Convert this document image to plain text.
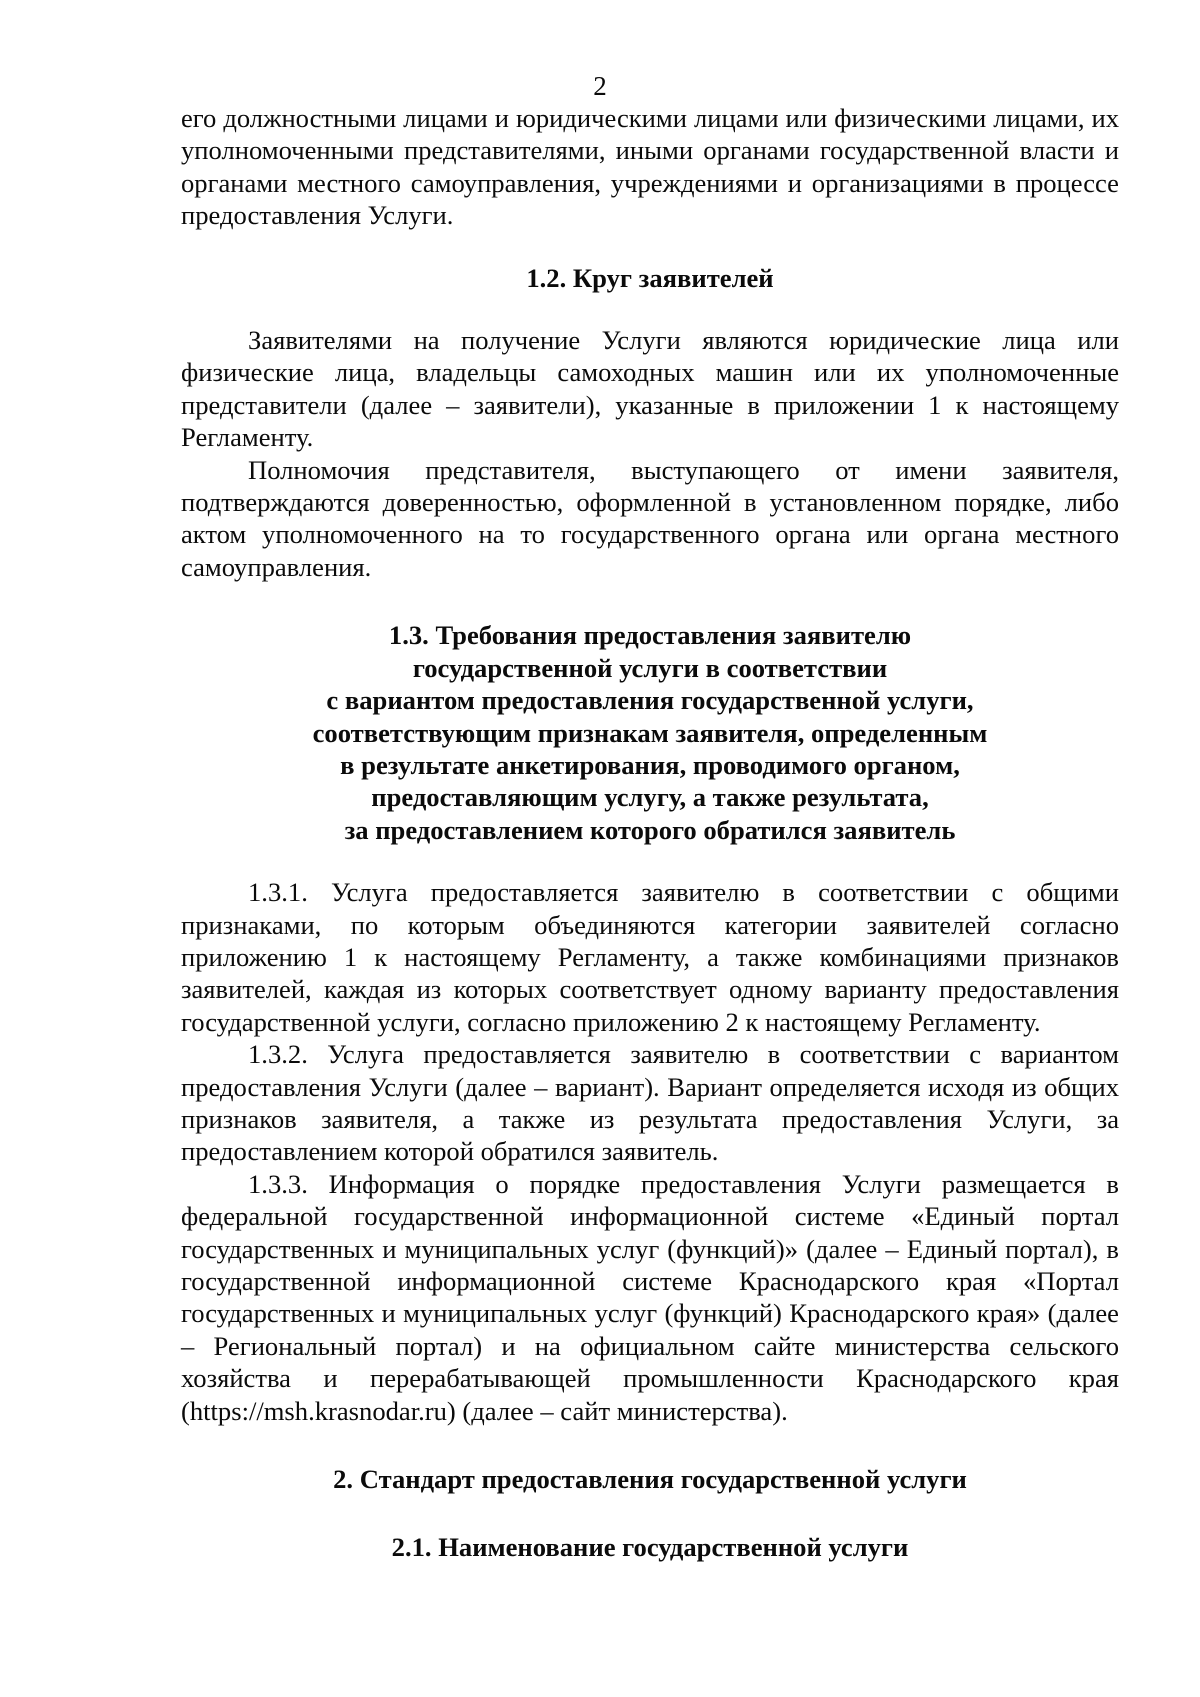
2

его должностными лицами и юридическими лицами или физическими лицами, их уполномоченными представителями, иными органами государственной власти и органами местного самоуправления, учреждениями и организациями в процессе предоставления Услуги.

1.2. Круг заявителей

Заявителями на получение Услуги являются юридические лица или физические лица, владельцы самоходных машин или их уполномоченные представители (далее – заявители), указанные в приложении 1 к настоящему Регламенту.

Полномочия представителя, выступающего от имени заявителя, подтверждаются доверенностью, оформленной в установленном порядке, либо актом уполномоченного на то государственного органа или органа местного самоуправления.

1.3. Требования предоставления заявителю
государственной услуги в соответствии
с вариантом предоставления государственной услуги,
соответствующим признакам заявителя, определенным
в результате анкетирования, проводимого органом,
предоставляющим услугу, а также результата,
за предоставлением которого обратился заявитель

1.3.1. Услуга предоставляется заявителю в соответствии с общими признаками, по которым объединяются категории заявителей согласно приложению 1 к настоящему Регламенту, а также комбинациями признаков заявителей, каждая из которых соответствует одному варианту предоставления государственной услуги, согласно приложению 2 к настоящему Регламенту.

1.3.2. Услуга предоставляется заявителю в соответствии с вариантом предоставления Услуги (далее – вариант). Вариант определяется исходя из общих признаков заявителя, а также из результата предоставления Услуги, за предоставлением которой обратился заявитель.

1.3.3. Информация о порядке предоставления Услуги размещается в федеральной государственной информационной системе «Единый портал государственных и муниципальных услуг (функций)» (далее – Единый портал), в государственной информационной системе Краснодарского края «Портал государственных и муниципальных услуг (функций) Краснодарского края» (далее – Региональный портал) и на официальном сайте министерства сельского хозяйства и перерабатывающей промышленности Краснодарского края (https://msh.krasnodar.ru) (далее – сайт министерства).

2. Стандарт предоставления государственной услуги
2.1. Наименование государственной услуги
